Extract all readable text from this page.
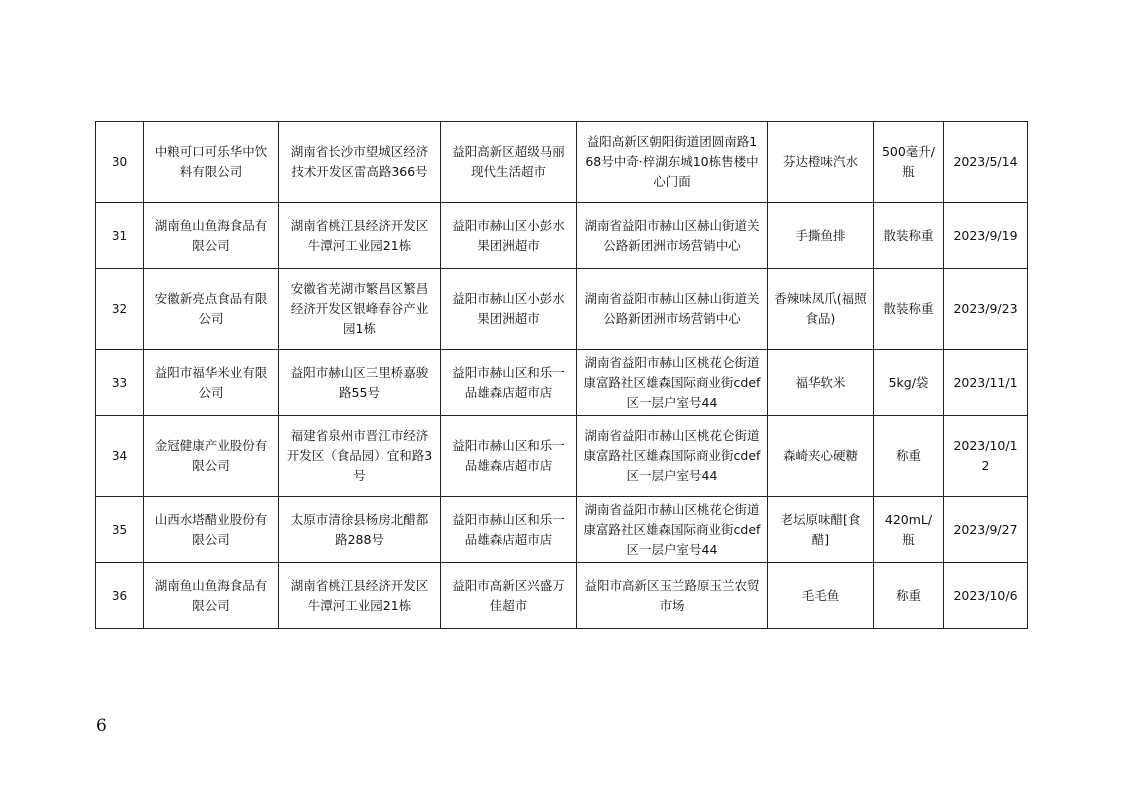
30	中粮可口可乐华中饮料有限公司	湖南省长沙市望城区经济技术开发区雷高路366号	益阳高新区超级马丽现代生活超市	益阳高新区朝阳街道团圆南路168号中奇·梓湖东城10栋售楼中心门面	芬达橙味汽水	500毫升/瓶	2023/5/14
31	湖南鱼山鱼海食品有限公司	湖南省桃江县经济开发区牛潭河工业园21栋	益阳市赫山区小彭水果团洲超市	湖南省益阳市赫山区赫山街道关公路新团洲市场营销中心	手撕鱼排	散装称重	2023/9/19
32	安徽新亮点食品有限公司	安徽省芜湖市繁昌区繁昌经济开发区银峰春谷产业园1栋	益阳市赫山区小彭水果团洲超市	湖南省益阳市赫山区赫山街道关公路新团洲市场营销中心	香辣味凤爪(福照食品)	散装称重	2023/9/23
33	益阳市福华米业有限公司	益阳市赫山区三里桥嘉骏路55号	益阳市赫山区和乐一品雄森店超市店	湖南省益阳市赫山区桃花仑街道康富路社区雄森国际商业街cdef区一层户室号44	福华软米	5kg/袋	2023/11/1
34	金冠健康产业股份有限公司	福建省泉州市晋江市经济开发区（食品园）宜和路3号	益阳市赫山区和乐一品雄森店超市店	湖南省益阳市赫山区桃花仑街道康富路社区雄森国际商业街cdef区一层户室号44	森崎夹心硬糖	称重	2023/10/12
35	山西水塔醋业股份有限公司	太原市清徐县杨房北醋都路288号	益阳市赫山区和乐一品雄森店超市店	湖南省益阳市赫山区桃花仑街道康富路社区雄森国际商业街cdef区一层户室号44	老坛原味醋[食醋]	420mL/瓶	2023/9/27
36	湖南鱼山鱼海食品有限公司	湖南省桃江县经济开发区牛潭河工业园21栋	益阳市高新区兴盛万佳超市	益阳市高新区玉兰路原玉兰农贸市场	毛毛鱼	称重	2023/10/6
6
